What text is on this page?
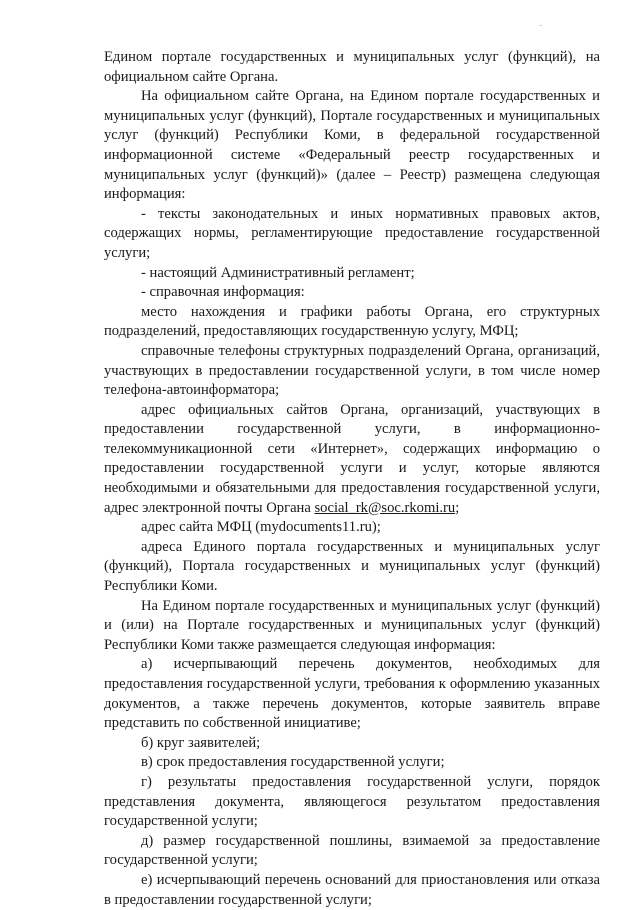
.

Едином портале государственных и муниципальных услуг (функций), на официальном сайте Органа.

На официальном сайте Органа, на Едином портале государственных и муниципальных услуг (функций), Портале государственных и муниципальных услуг (функций) Республики Коми, в федеральной государственной информационной системе «Федеральный реестр государственных и муниципальных услуг (функций)» (далее – Реестр) размещена следующая информация:

- тексты законодательных и иных нормативных правовых актов, содержащих нормы, регламентирующие предоставление государственной услуги;

- настоящий Административный регламент;

- справочная информация:

место нахождения и графики работы Органа, его структурных подразделений, предоставляющих государственную услугу, МФЦ;

справочные телефоны структурных подразделений Органа, организаций, участвующих в предоставлении государственной услуги, в том числе номер телефона-автоинформатора;

адрес официальных сайтов Органа, организаций, участвующих в предоставлении государственной услуги, в информационно-телекоммуникационной сети «Интернет», содержащих информацию о предоставлении государственной услуги и услуг, которые являются необходимыми и обязательными для предоставления государственной услуги, адрес электронной почты Органа social_rk@soc.rkomi.ru;

адрес сайта МФЦ (mydocuments11.ru);

адреса Единого портала государственных и муниципальных услуг (функций), Портала государственных и муниципальных услуг (функций) Республики Коми.

На Едином портале государственных и муниципальных услуг (функций) и (или) на Портале государственных и муниципальных услуг (функций) Республики Коми также размещается следующая информация:

а) исчерпывающий перечень документов, необходимых для предоставления государственной услуги, требования к оформлению указанных документов, а также перечень документов, которые заявитель вправе представить по собственной инициативе;

б) круг заявителей;

в) срок предоставления государственной услуги;

г) результаты предоставления государственной услуги, порядок представления документа, являющегося результатом предоставления государственной услуги;

д) размер государственной пошлины, взимаемой за предоставление государственной услуги;

е) исчерпывающий перечень оснований для приостановления или отказа в предоставлении государственной услуги;
